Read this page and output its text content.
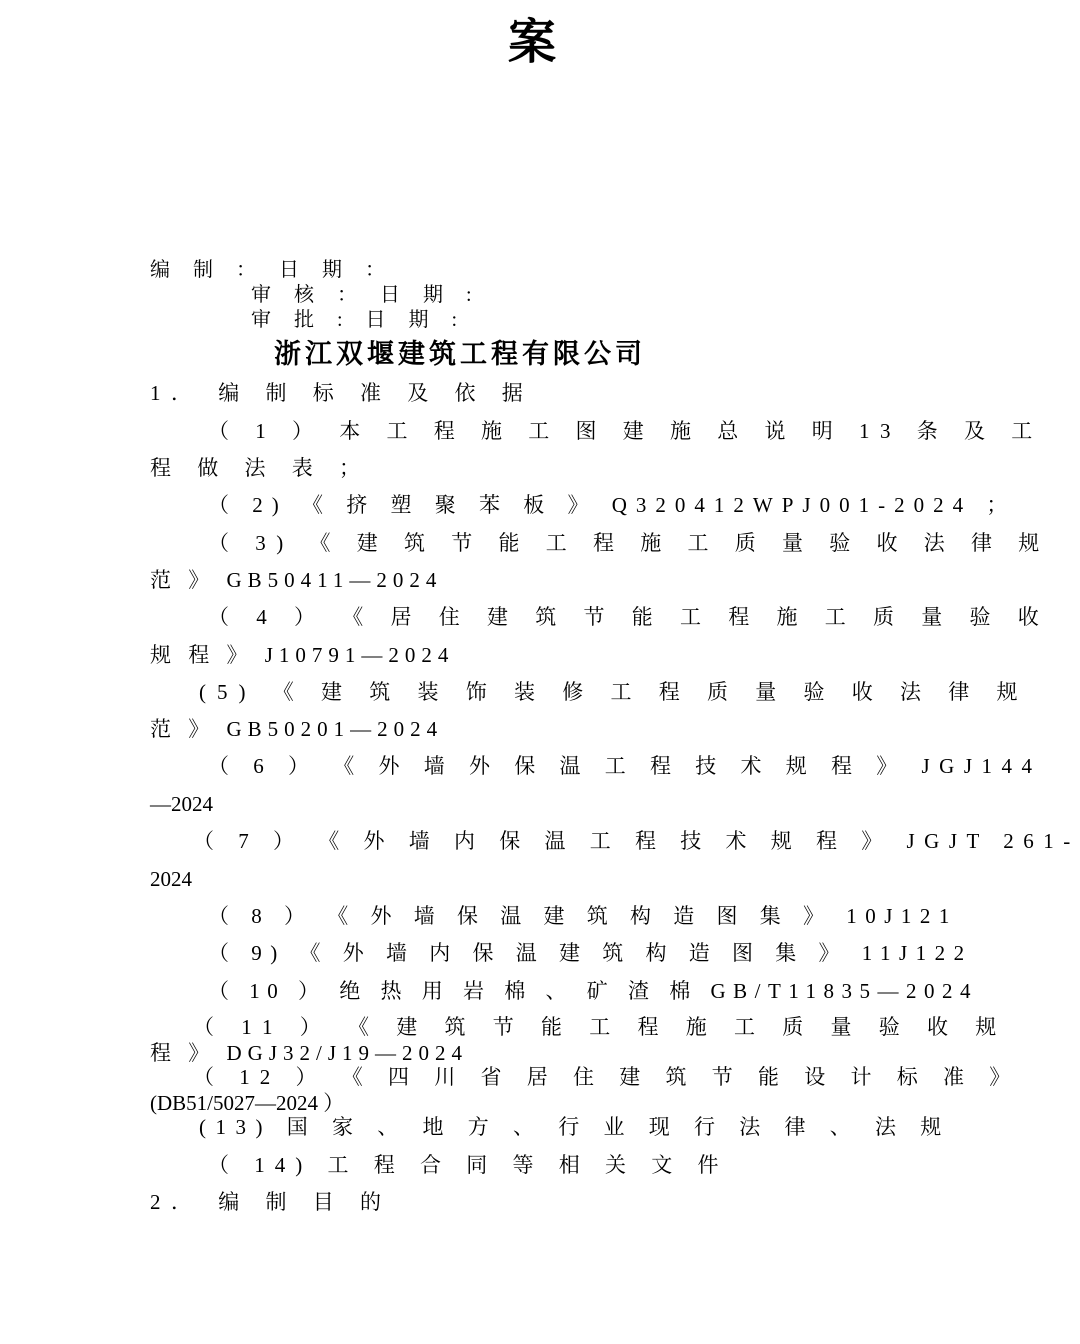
案
编 制 ： 日 期 ：
审 核 ： 日 期 :
审 批 : 日 期 :
浙江双堰建筑工程有限公司
1． 编 制 标 准 及 依 据
（ 1 ） 本 工 程 施 工 图 建 施 总 说 明 13 条 及 工
程 做 法 表 ；
（ 2) 《 挤 塑 聚 苯 板 》 Q320412WPJ001-2024 ；
（ 3) 《 建 筑 节 能 工 程 施 工 质 量 验 收 法 律 规
范 》 GB50411—2024
（ 4 ） 《 居 住 建 筑 节 能 工 程 施 工 质 量 验 收
规 程 》 J10791—2024
(5) 《 建 筑 装 饰 装 修 工 程 质 量 验 收 法 律 规
范 》 GB50201—2024
（ 6 ） 《 外 墙 外 保 温 工 程 技 术 规 程 》 JGJ144
—2024
（ 7 ） 《 外 墙 内 保 温 工 程 技 术 规 程 》 JGJT 261-
2024
（ 8 ） 《 外 墙 保 温 建 筑 构 造 图 集 》 10J121
（ 9) 《 外 墙 内 保 温 建 筑 构 造 图 集 》 11J122
（ 10 ） 绝 热 用 岩 棉 、 矿 渣 棉 GB/T11835—2024
（ 11 ） 《 建 筑 节 能 工 程 施 工 质 量 验 收 规
程 》 DGJ32/J19—2024
（ 12 ） 《 四 川 省 居 住 建 筑 节 能 设 计 标 准 》
(DB51/5027—2024 ）
(13) 国 家 、 地 方 、 行 业 现 行 法 律 、 法 规
（ 14) 工 程 合 同 等 相 关 文 件
2． 编 制 目 的
